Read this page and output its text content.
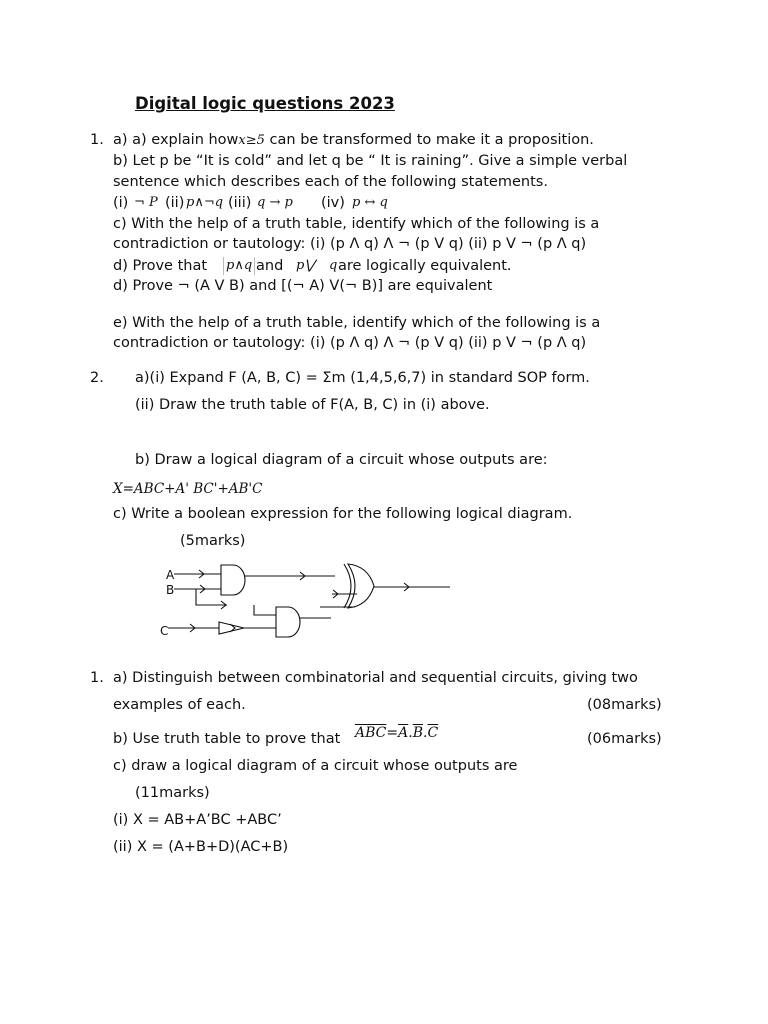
Digital logic questions 2023
1. a) a) explain howx≥5 can be transformed to make it a proposition.
b) Let p be “It is cold” and let q be “ It is raining”. Give a simple verbal
sentence which describes each of the following statements.
(i) ¬ P (ii) p∧¬q (iii) q → p (iv) p ↔ q
c) With the help of a truth table, identify which of the following is a
contradiction or tautology: (i) (p Λ q) Λ ¬ (p V q) (ii) p V ¬ (p Λ q)
d) Prove that p∧q and p⋁ q are logically equivalent.
d) Prove ¬ (A V B) and [(¬ A) V(¬ B)] are equivalent
e) With the help of a truth table, identify which of the following is a
contradiction or tautology: (i) (p Λ q) Λ ¬ (p V q) (ii) p V ¬ (p Λ q)
2. a)(i) Expand F (A, B, C) = Σm (1,4,5,6,7) in standard SOP form.
(ii) Draw the truth table of F(A, B, C) in (i) above.
b) Draw a logical diagram of a circuit whose outputs are:
X=ABC+A' BC'+AB'C
c) Write a boolean expression for the following logical diagram.
(5marks)
A
B
C
1. a) Distinguish between combinatorial and sequential circuits, giving two
examples of each.	(08marks)
b) Use truth table to prove that $\overline{ABC}=\overline{A}.\overline{B}.\overline{C}$	(06marks)
c) draw a logical diagram of a circuit whose outputs are
(11marks)
(i) X = AB+A’BC +ABC’
(ii) X = (A+B+D)(AC+B)
